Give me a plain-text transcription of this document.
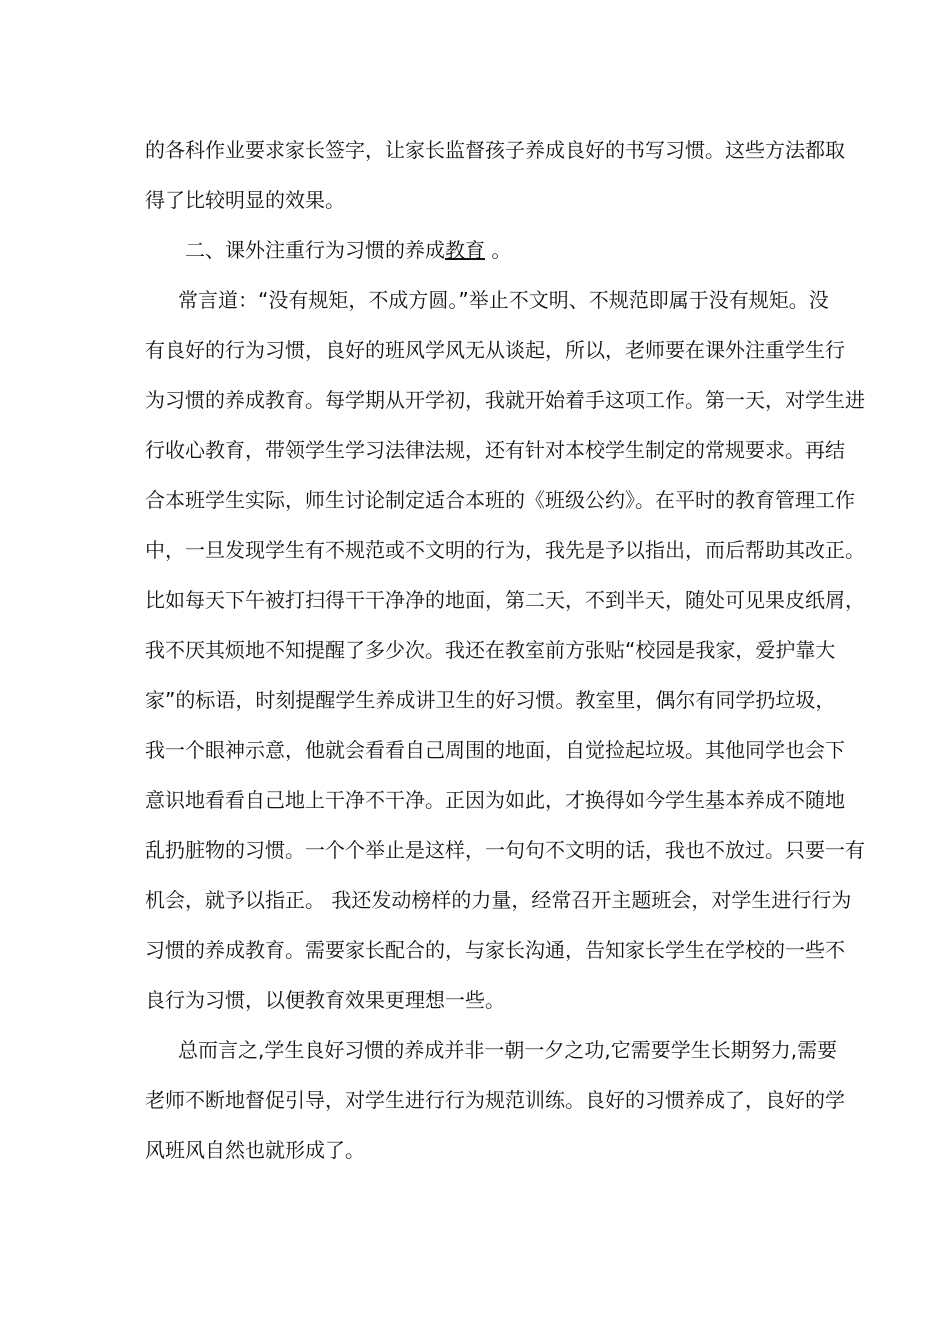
的各科作业要求家长签字，让家长监督孩子养成良好的书写习惯。这些方法都取
得了比较明显的效果。
二、课外注重行为习惯的养成教育 。
常言道：“没有规矩，不成方圆。”举止不文明、不规范即属于没有规矩。没
有良好的行为习惯，良好的班风学风无从谈起，所以，老师要在课外注重学生行
为习惯的养成教育。每学期从开学初，我就开始着手这项工作。第一天，对学生进
行收心教育，带领学生学习法律法规，还有针对本校学生制定的常规要求。再结
合本班学生实际，师生讨论制定适合本班的《班级公约》。在平时的教育管理工作
中，一旦发现学生有不规范或不文明的行为，我先是予以指出，而后帮助其改正。
比如每天下午被打扫得干干净净的地面，第二天，不到半天，随处可见果皮纸屑，
我不厌其烦地不知提醒了多少次。我还在教室前方张贴“校园是我家，爱护靠大
家”的标语，时刻提醒学生养成讲卫生的好习惯。教室里，偶尔有同学扔垃圾，
我一个眼神示意，他就会看看自己周围的地面，自觉捡起垃圾。其他同学也会下
意识地看看自己地上干净不干净。正因为如此，才换得如今学生基本养成不随地
乱扔脏物的习惯。一个个举止是这样，一句句不文明的话，我也不放过。只要一有
机会，就予以指正。 我还发动榜样的力量，经常召开主题班会，对学生进行行为
习惯的养成教育。需要家长配合的，与家长沟通，告知家长学生在学校的一些不
良行为习惯，以便教育效果更理想一些。
总而言之,学生良好习惯的养成并非一朝一夕之功,它需要学生长期努力,需要
老师不断地督促引导，对学生进行行为规范训练。良好的习惯养成了，良好的学
风班风自然也就形成了。
